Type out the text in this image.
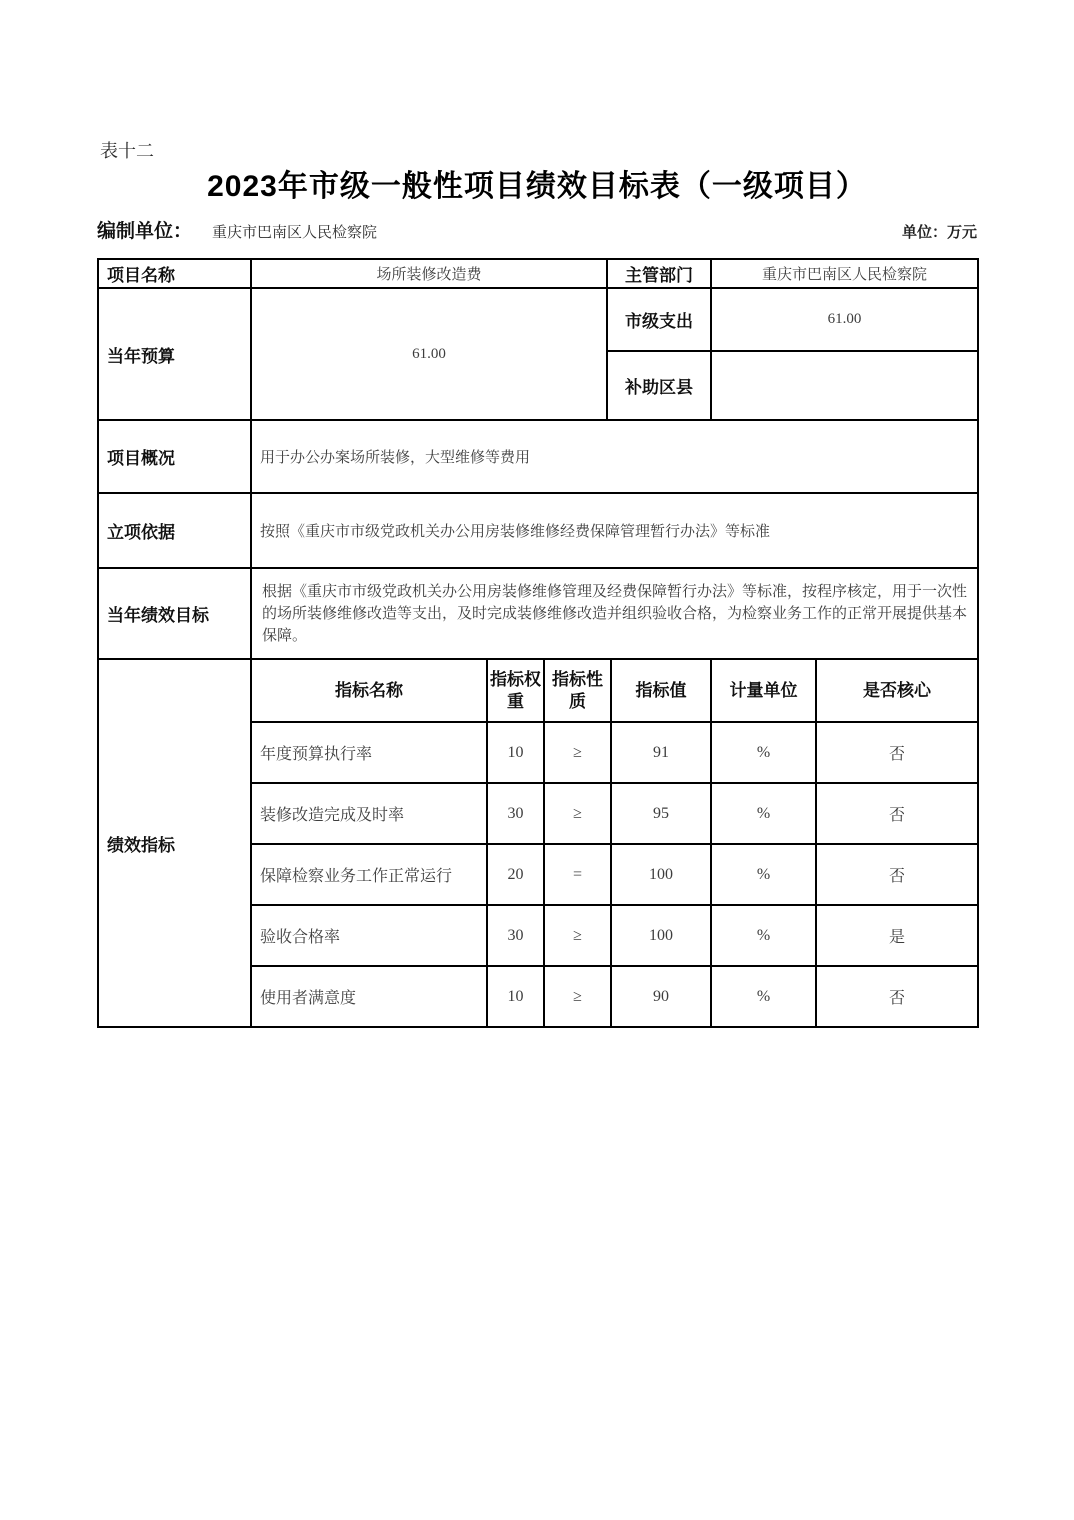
表十二
2023年市级一般性项目绩效目标表（一级项目）
编制单位： 重庆市巴南区人民检察院	单位：万元
项目名称	场所装修改造费	主管部门	重庆市巴南区人民检察院
当年预算	61.00	市级支出	61.00
		补助区县	
项目概况	用于办公办案场所装修，大型维修等费用		
立项依据	按照《重庆市市级党政机关办公用房装修维修经费保障管理暂行办法》等标准		
当年绩效目标	根据《重庆市市级党政机关办公用房装修维修管理及经费保障暂行办法》等标准，按程序核定，用于一次性的场所装修维修改造等支出，及时完成装修维修改造并组织验收合格，为检察业务工作的正常开展提供基本保障。		
绩效指标	指标名称	指标权重	指标性质	指标值	计量单位	是否核心
	年度预算执行率	10	≥	91	%	否
	装修改造完成及时率	30	≥	95	%	否
	保障检察业务工作正常运行	20	=	100	%	否
	验收合格率	30	≥	100	%	是
	使用者满意度	10	≥	90	%	否
